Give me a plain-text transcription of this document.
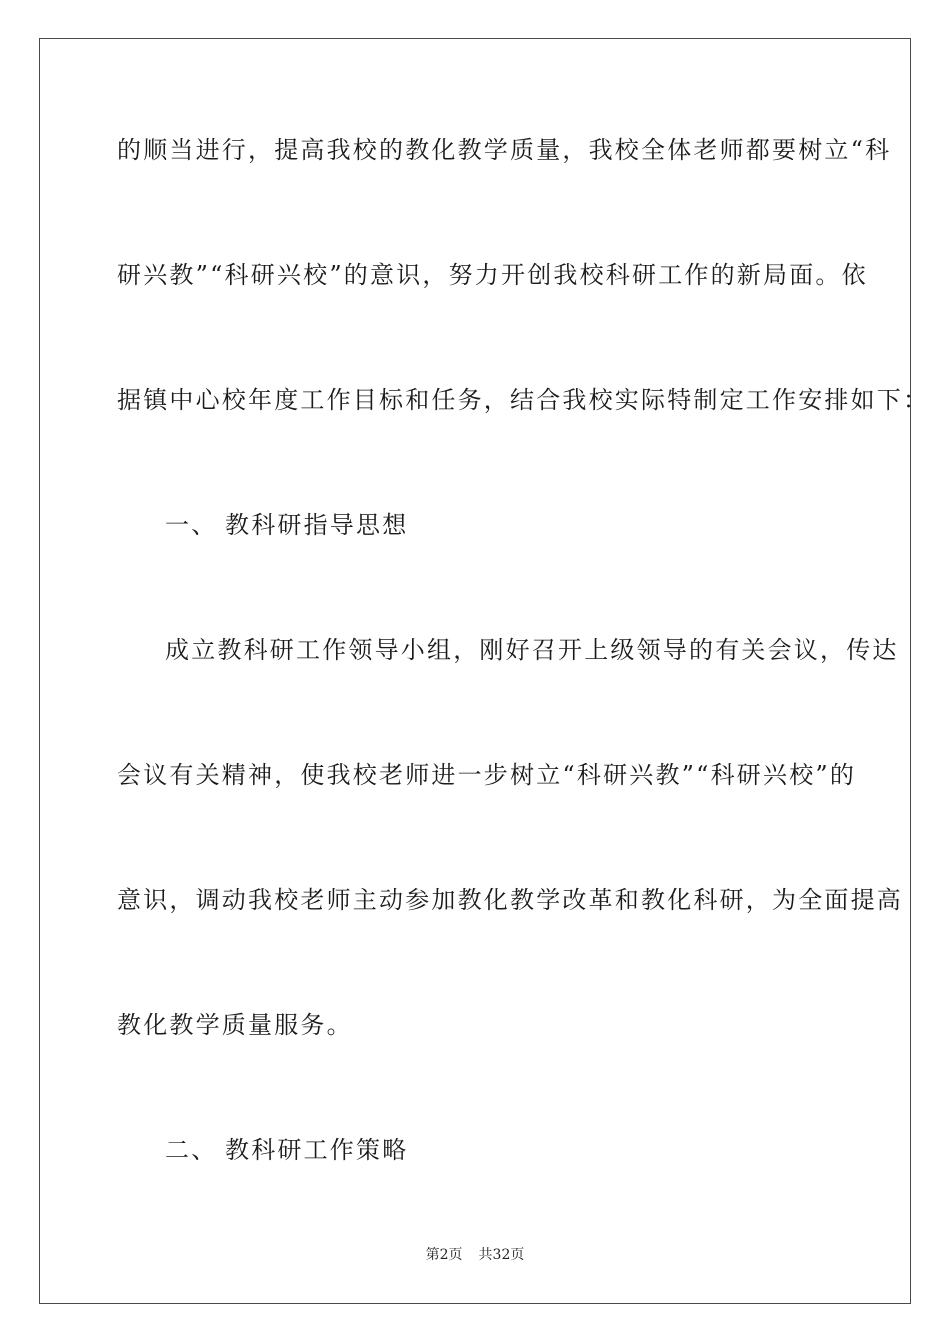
的顺当进行，提高我校的教化教学质量，我校全体老师都要树立“科
研兴教”“科研兴校”的意识，努力开创我校科研工作的新局面。依
据镇中心校年度工作目标和任务，结合我校实际特制定工作安排如下：
一、 教科研指导思想
成立教科研工作领导小组，刚好召开上级领导的有关会议，传达
会议有关精神，使我校老师进一步树立“科研兴教”“科研兴校”的
意识，调动我校老师主动参加教化教学改革和教化科研，为全面提高
教化教学质量服务。
二、 教科研工作策略
第2页 共32页
